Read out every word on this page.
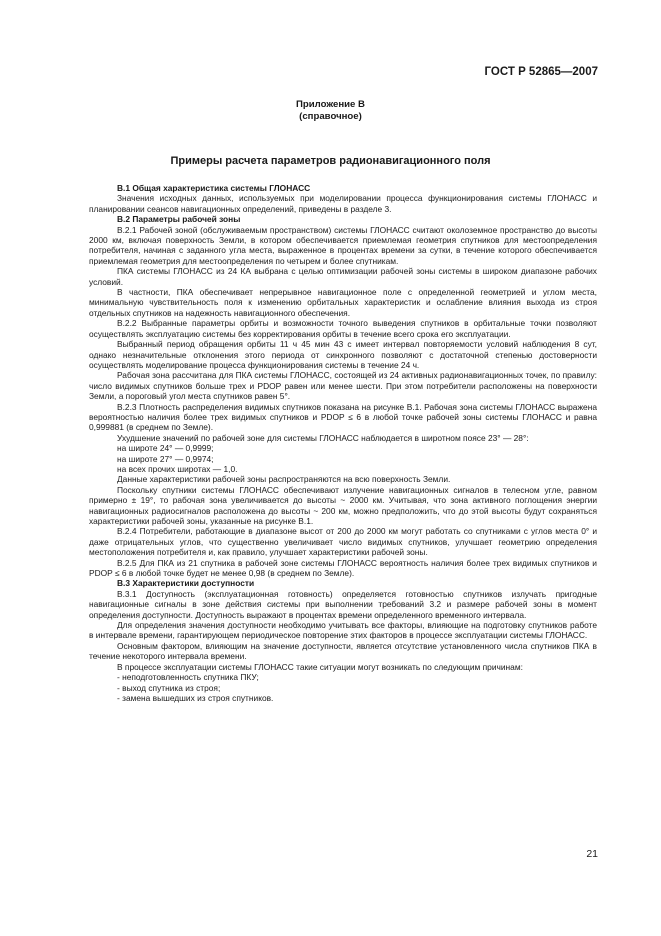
ГОСТ Р 52865—2007
Приложение В
(справочное)
Примеры расчета параметров радионавигационного поля

В.1 Общая характеристика системы ГЛОНАСС

Значения исходных данных, используемых при моделировании процесса функционирования системы ГЛОНАСС и планировании сеансов навигационных определений, приведены в разделе 3.

В.2 Параметры рабочей зоны

В.2.1 Рабочей зоной (обслуживаемым пространством) системы ГЛОНАСС считают околоземное пространство до высоты 2000 км, включая поверхность Земли, в котором обеспечивается приемлемая геометрия спутников для местоопределения потребителя, начиная с заданного угла места, выраженное в процентах времени за сутки, в течение которого обеспечивается приемлемая геометрия для местоопределения по четырем и более спутникам.

ПКА системы ГЛОНАСС из 24 КА выбрана с целью оптимизации рабочей зоны системы в широком диапазоне рабочих условий.

В частности, ПКА обеспечивает непрерывное навигационное поле с определенной геометрией и углом места, минимальную чувствительность поля к изменению орбитальных характеристик и ослабление влияния выхода из строя отдельных спутников на надежность навигационного обеспечения.

В.2.2 Выбранные параметры орбиты и возможности точного выведения спутников в орбитальные точки позволяют осуществлять эксплуатацию системы без корректирования орбиты в течение всего срока его эксплуатации.

Выбранный период обращения орбиты 11 ч 45 мин 43 с имеет интервал повторяемости условий наблюдения 8 сут, однако незначительные отклонения этого периода от синхронного позволяют с достаточной степенью достоверности осуществлять моделирование процесса функционирования системы в течение 24 ч.

Рабочая зона рассчитана для ПКА системы ГЛОНАСС, состоящей из 24 активных радионавигационных точек, по правилу: число видимых спутников больше трех и PDOP равен или менее шести. При этом потребители расположены на поверхности Земли, а пороговый угол места спутников равен 5°.

В.2.3 Плотность распределения видимых спутников показана на рисунке В.1. Рабочая зона системы ГЛОНАСС выражена вероятностью наличия более трех видимых спутников и PDOP ≤ 6 в любой точке рабочей зоны системы ГЛОНАСС и равна 0,999881 (в среднем по Земле).

Ухудшение значений по рабочей зоне для системы ГЛОНАСС наблюдается в широтном поясе 23° — 28°:

на широте 24° — 0,9999;

на широте 27° — 0,9974;

на всех прочих широтах — 1,0.

Данные характеристики рабочей зоны распространяются на всю поверхность Земли.

Поскольку спутники системы ГЛОНАСС обеспечивают излучение навигационных сигналов в телесном угле, равном примерно ± 19°, то рабочая зона увеличивается до высоты ~ 2000 км. Учитывая, что зона активного поглощения энергии навигационных радиосигналов расположена до высоты ~ 200 км, можно предположить, что до этой высоты будут сохраняться характеристики рабочей зоны, указанные на рисунке В.1.

В.2.4 Потребители, работающие в диапазоне высот от 200 до 2000 км могут работать со спутниками с углов места 0° и даже отрицательных углов, что существенно увеличивает число видимых спутников, улучшает геометрию определения местоположения потребителя и, как правило, улучшает характеристики рабочей зоны.

В.2.5 Для ПКА из 21 спутника в рабочей зоне системы ГЛОНАСС вероятность наличия более трех видимых спутников и PDOP ≤ 6 в любой точке будет не менее 0,98 (в среднем по Земле).

В.3 Характеристики доступности

В.3.1 Доступность (эксплуатационная готовность) определяется готовностью спутников излучать пригодные навигационные сигналы в зоне действия системы при выполнении требований 3.2 и размере рабочей зоны в момент определения доступности. Доступность выражают в процентах времени определенного временного интервала.

Для определения значения доступности необходимо учитывать все факторы, влияющие на подготовку спутников работе в интервале времени, гарантирующем периодическое повторение этих факторов в процессе эксплуатации системы ГЛОНАСС.

Основным фактором, влияющим на значение доступности, является отсутствие установленного числа спутников ПКА в течение некоторого интервала времени.

В процессе эксплуатации системы ГЛОНАСС такие ситуации могут возникать по следующим причинам:

- неподготовленность спутника ПКУ;

- выход спутника из строя;

- замена вышедших из строя спутников.

21
